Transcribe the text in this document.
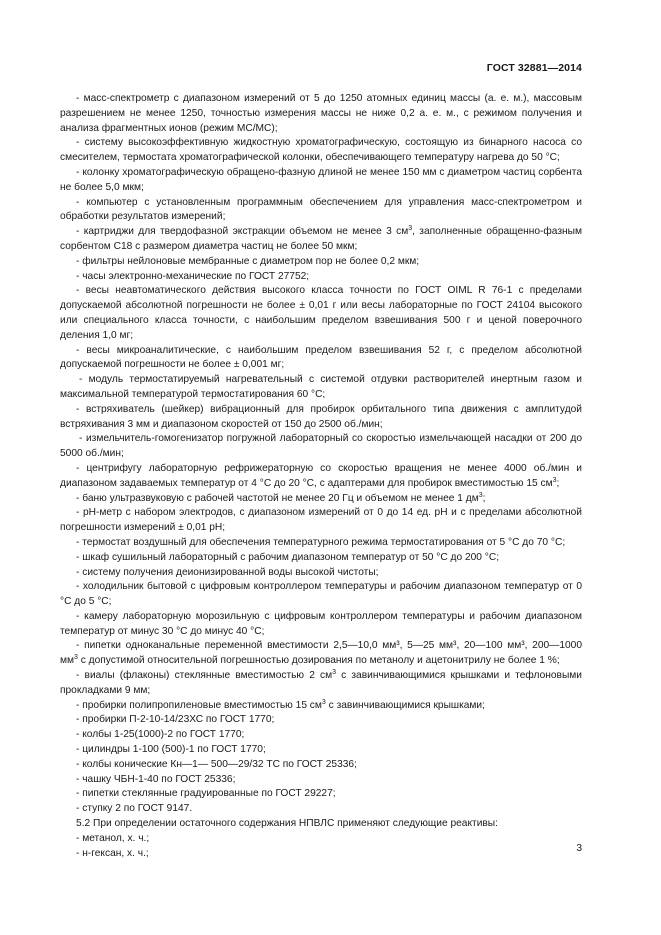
ГОСТ 32881—2014

- масс-спектрометр с диапазоном измерений от 5 до 1250 атомных единиц массы (а. е. м.), массовым разрешением не менее 1250, точностью измерения массы не ниже 0,2 а. е. м., с режимом получения и анализа фрагментных ионов (режим МС/МС);

- систему высокоэффективную жидкостную хроматографическую, состоящую из бинарного насоса со смесителем, термостата хроматографической колонки, обеспечивающего температуру нагрева до 50 °С;

- колонку хроматографическую обращено-фазную длиной не менее 150 мм с диаметром частиц сорбента не более 5,0 мкм;

- компьютер с установленным программным обеспечением для управления масс-спектрометром и обработки результатов измерений;

- картриджи для твердофазной экстракции объемом не менее 3 $см^3$, заполненные обращенно-фазным сорбентом С18 с размером диаметра частиц не более 50 мкм;

- фильтры нейлоновые мембранные с диаметром пор не более 0,2 мкм;

- часы электронно-механические по ГОСТ 27752;

- весы неавтоматического действия высокого класса точности по ГОСТ OIML R 76-1 с пределами допускаемой абсолютной погрешности не более ± 0,01 г или весы лабораторные по ГОСТ 24104 высокого или специального класса точности, с наибольшим пределом взвешивания 500 г и ценой поверочного деления 1,0 мг;

- весы микроаналитические, с наибольшим пределом взвешивания 52 г, с пределом абсолютной допускаемой погрешности не более ± 0,001 мг;

- модуль термостатируемый нагревательный с системой отдувки растворителей инертным газом и максимальной температурой термостатирования 60 °С;

- встряхиватель (шейкер) вибрационный для пробирок орбитального типа движения с амплитудой встряхивания 3 мм и диапазоном скоростей от 150 до 2500 об./мин;

- измельчитель-гомогенизатор погружной лабораторный со скоростью измельчающей насадки от 200 до 5000 об./мин;

- центрифугу лабораторную рефрижераторную со скоростью вращения не менее 4000 об./мин и диапазоном задаваемых температур от 4 °С до 20 °С, с адаптерами для пробирок вместимостью 15 $см^3$;

- баню ультразвуковую с рабочей частотой не менее 20 Гц и объемом не менее 1 $дм^3$;

- pH-метр с набором электродов, с диапазоном измерений от 0 до 14 ед. pH и с пределами абсолютной погрешности измерений ± 0,01 pH;

- термостат воздушный для обеспечения температурного режима термостатирования от 5 °С до 70 °С;

- шкаф сушильный лабораторный с рабочим диапазоном температур от 50 °С до 200 °С;

- систему получения деионизированной воды высокой чистоты;

- холодильник бытовой с цифровым контроллером температуры и рабочим диапазоном температур от 0 °С до 5 °С;

- камеру лабораторную морозильную с цифровым контроллером температуры и рабочим диапазоном температур от минус 30 °С до минус 40 °С;

- пипетки одноканальные переменной вместимости 2,5—10,0 мм³, 5—25 мм³, 20—100 мм³, 200—1000 $мм^3$ с допустимой относительной погрешностью дозирования по метанолу и ацетонитрилу не более 1 %;

- виалы (флаконы) стеклянные вместимостью 2 $см^3$ с завинчивающимися крышками и тефлоновыми прокладками 9 мм;

- пробирки полипропиленовые вместимостью 15 $см^3$ с завинчивающимися крышками;

- пробирки П-2-10-14/23ХС по ГОСТ 1770;

- колбы 1-25(1000)-2 по ГОСТ 1770;

- цилиндры 1-100 (500)-1 по ГОСТ 1770;

- колбы конические Кн—1— 500—29/32 ТС по ГОСТ 25336;

- чашку ЧБН-1-40 по ГОСТ 25336;

- пипетки стеклянные градуированные по ГОСТ 29227;

- ступку 2 по ГОСТ 9147.

5.2 При определении остаточного содержания НПВЛС применяют следующие реактивы:

- метанол, х. ч.;

- н-гексан, х. ч.;	3
